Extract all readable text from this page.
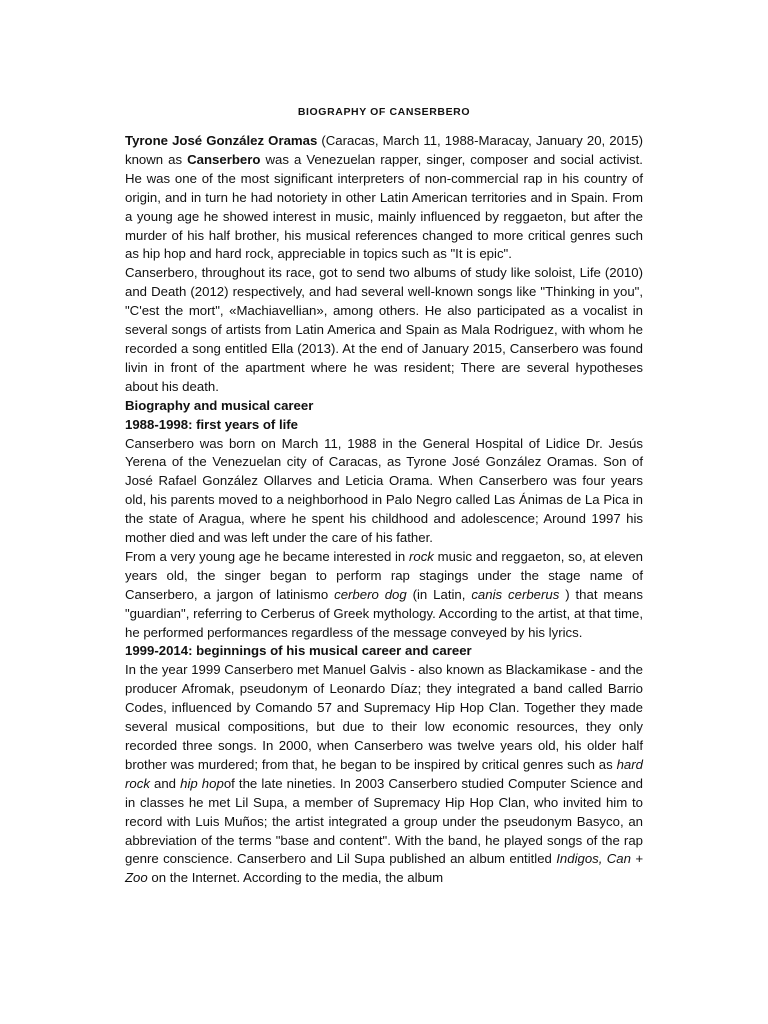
BIOGRAPHY OF CANSERBERO

Tyrone José González Oramas (Caracas, March 11, 1988-Maracay, January 20, 2015) known as Canserbero was a Venezuelan rapper, singer, composer and social activist. He was one of the most significant interpreters of non-commercial rap in his country of origin, and in turn he had notoriety in other Latin American territories and in Spain. From a young age he showed interest in music, mainly influenced by reggaeton, but after the murder of his half brother, his musical references changed to more critical genres such as hip hop and hard rock, appreciable in topics such as "It is epic".

Canserbero, throughout its race, got to send two albums of study like soloist, Life (2010) and Death (2012) respectively, and had several well-known songs like "Thinking in you", "C'est the mort", «Machiavellian», among others. He also participated as a vocalist in several songs of artists from Latin America and Spain as Mala Rodriguez, with whom he recorded a song entitled Ella (2013). At the end of January 2015, Canserbero was found livin in front of the apartment where he was resident; There are several hypotheses about his death.

Biography and musical career

1988-1998: first years of life

Canserbero was born on March 11, 1988 in the General Hospital of Lidice Dr. Jesús Yerena of the Venezuelan city of Caracas, as Tyrone José González Oramas. Son of José Rafael González Ollarves and Leticia Orama. When Canserbero was four years old, his parents moved to a neighborhood in Palo Negro called Las Ánimas de La Pica in the state of Aragua, where he spent his childhood and adolescence; Around 1997 his mother died and was left under the care of his father.

From a very young age he became interested in rock music and reggaeton, so, at eleven years old, the singer began to perform rap stagings under the stage name of Canserbero, a jargon of latinismo cerbero dog (in Latin, canis cerberus ) that means "guardian", referring to Cerberus of Greek mythology. According to the artist, at that time, he performed performances regardless of the message conveyed by his lyrics.

1999-2014: beginnings of his musical career and career

In the year 1999 Canserbero met Manuel Galvis - also known as Blackamikase - and the producer Afromak, pseudonym of Leonardo Díaz; they integrated a band called Barrio Codes, influenced by Comando 57 and Supremacy Hip Hop Clan. Together they made several musical compositions, but due to their low economic resources, they only recorded three songs. In 2000, when Canserbero was twelve years old, his older half brother was murdered; from that, he began to be inspired by critical genres such as hard rock and hip hopof the late nineties. In 2003 Canserbero studied Computer Science and in classes he met Lil Supa, a member of Supremacy Hip Hop Clan, who invited him to record with Luis Muños; the artist integrated a group under the pseudonym Basyco, an abbreviation of the terms "base and content". With the band, he played songs of the rap genre conscience. Canserbero and Lil Supa published an album entitled Indigos, Can + Zoo on the Internet. According to the media, the album
